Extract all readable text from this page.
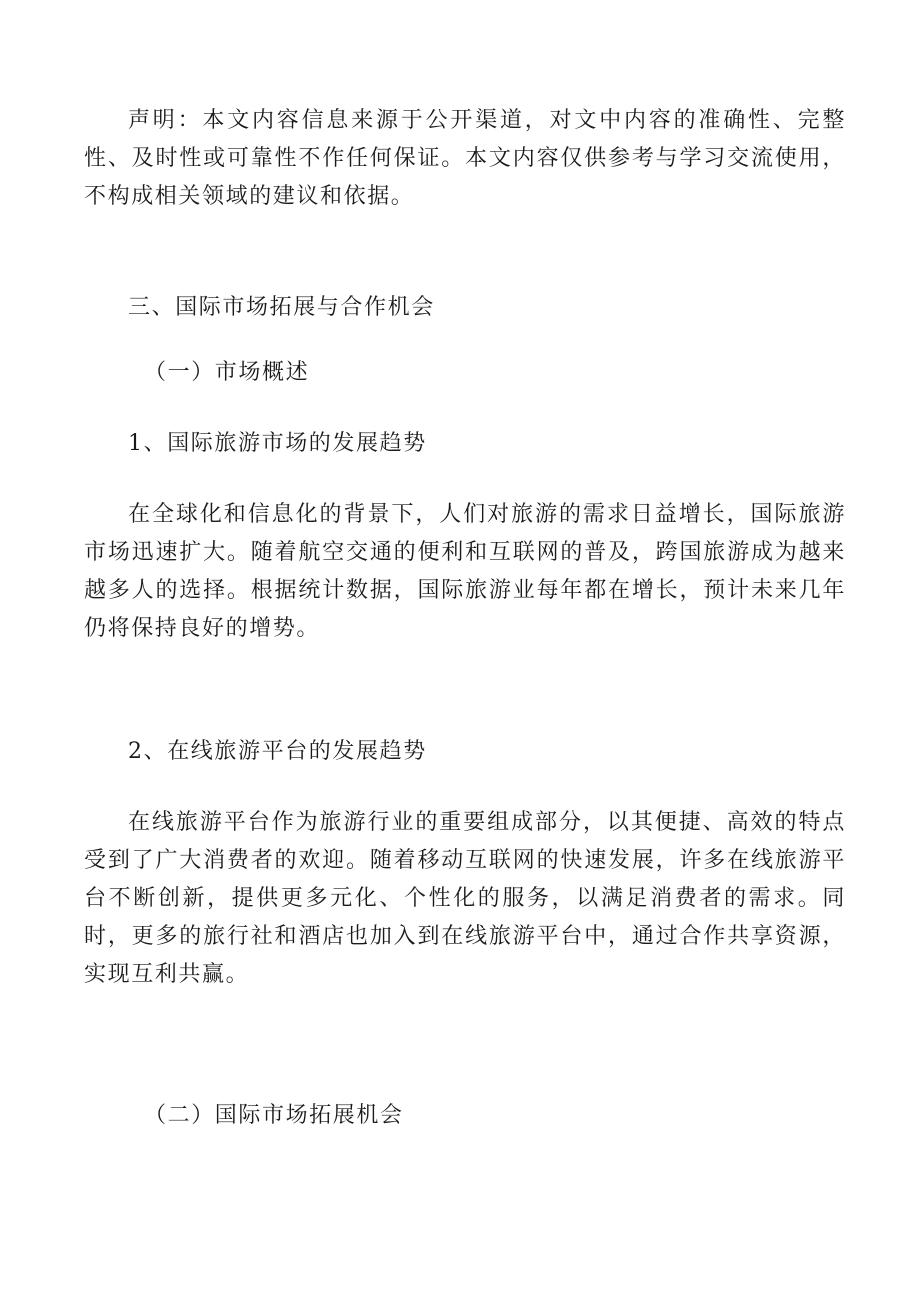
声明：本文内容信息来源于公开渠道，对文中内容的准确性、完整性、及时性或可靠性不作任何保证。本文内容仅供参考与学习交流使用，不构成相关领域的建议和依据。

三、国际市场拓展与合作机会
（一）市场概述
1、国际旅游市场的发展趋势

在全球化和信息化的背景下，人们对旅游的需求日益增长，国际旅游市场迅速扩大。随着航空交通的便利和互联网的普及，跨国旅游成为越来越多人的选择。根据统计数据，国际旅游业每年都在增长，预计未来几年仍将保持良好的增势。

2、在线旅游平台的发展趋势

在线旅游平台作为旅游行业的重要组成部分，以其便捷、高效的特点受到了广大消费者的欢迎。随着移动互联网的快速发展，许多在线旅游平台不断创新，提供更多元化、个性化的服务，以满足消费者的需求。同时，更多的旅行社和酒店也加入到在线旅游平台中，通过合作共享资源，实现互利共赢。

（二）国际市场拓展机会
